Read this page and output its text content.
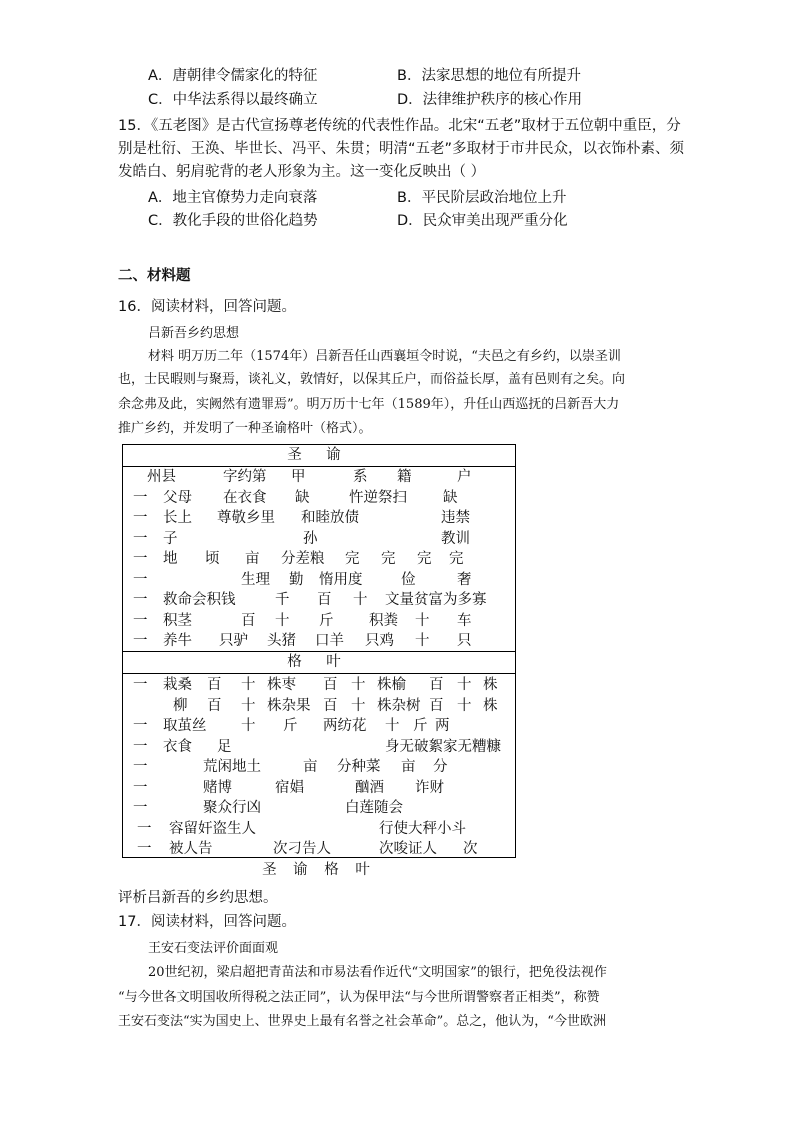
A．唐朝律令儒家化的特征	B．法家思想的地位有所提升
C．中华法系得以最终确立	D．法律维护秩序的核心作用
15．《五老图》是古代宣扬尊老传统的代表性作品。北宋“五老”取材于五位朝中重臣，分
别是杜衍、王涣、毕世长、冯平、朱贯；明清“五老”多取材于市井民众，以衣饰朴素、须
发皓白、躬肩驼背的老人形象为主。这一变化反映出（ ）
A．地主官僚势力走向衰落	B．平民阶层政治地位上升
C．教化手段的世俗化趋势	D．民众审美出现严重分化
二、材料题
16．阅读材料，回答问题。
吕新吾乡约思想
材料 明万历二年（1574年）吕新吾任山西襄垣令时说，“夫邑之有乡约，以崇圣训
也，士民暇则与聚焉，谈礼义，敦情好，以保其丘户，而俗益长厚，盖有邑则有之矣。向
余念弗及此，实阙然有遗罪焉”。明万历十七年（1589年），升任山西巡抚的吕新吾大力
推广乡约，并发明了一种圣谕格叶（格式）。
圣 谕
州县	字约第 甲	系 籍	户
一 父母 在衣食 缺	忤逆祭扫 缺
一 长上 尊敬乡里 和睦放债	违禁
一 子	孙	教训
一 地 顷 亩 分差粮 完 完 完 完
一	生理 勤 惰用度	俭	奢
一 救命会积钱	千 百 十 文量贫富为多寡
一 积茎	百 十 斤 积粪 十 车
一 养牛 只驴 头猪 口羊 只鸡 十 只
格 叶
一 栽桑 百 十 株枣 百 十 株榆 百 十 株
柳 百 十 株杂果 百 十 株杂树 百 十 株
一 取茧丝 十 斤 两纺花 十 斤 两
一 衣食 足	身无破絮家无糟糠
一	荒闲地土	亩 分种菜 亩 分
一	赌博	宿娼	酗酒 诈财
一	聚众行凶	白莲随会
一 容留奸盗生人	行使大秤小斗
一 被人告	次刁告人	次唆证人 次
圣 谕 格 叶
评析吕新吾的乡约思想。
17．阅读材料，回答问题。
王安石变法评价面面观
20世纪初，梁启超把青苗法和市易法看作近代“文明国家”的银行，把免役法视作
“与今世各文明国收所得税之法正同”，认为保甲法“与今世所谓警察者正相类”，称赞
王安石变法“实为国史上、世界史上最有名誉之社会革命”。总之，他认为，“今世欧洲
